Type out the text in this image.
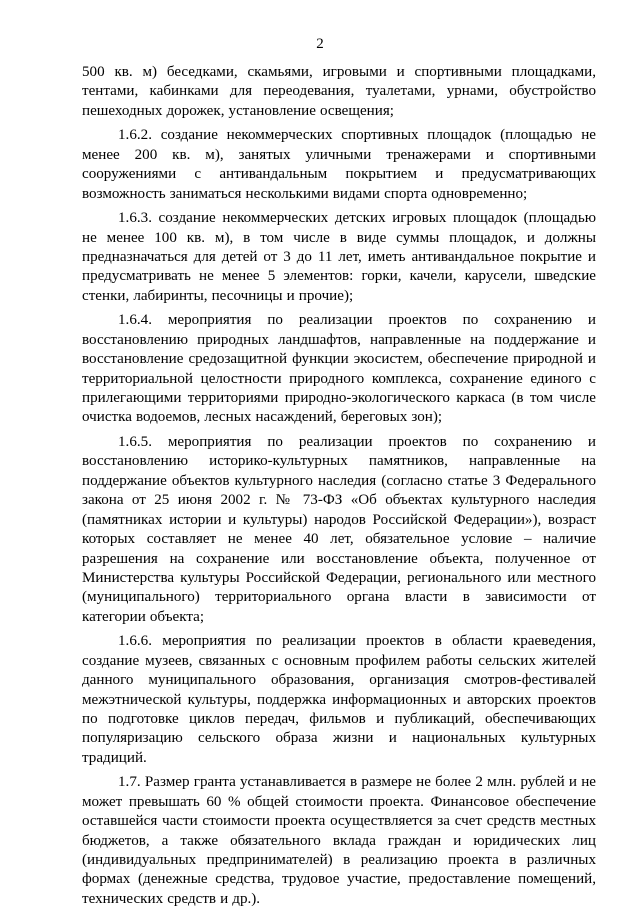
2

500 кв. м) беседками, скамьями, игровыми и спортивными площадками, тентами, кабинками для переодевания, туалетами, урнами, обустройство пешеходных дорожек, установление освещения;

1.6.2. создание некоммерческих спортивных площадок (площадью не менее 200 кв. м), занятых уличными тренажерами и спортивными сооружениями с антивандальным покрытием и предусматривающих возможность заниматься несколькими видами спорта одновременно;

1.6.3. создание некоммерческих детских игровых площадок (площадью не менее 100 кв. м), в том числе в виде суммы площадок, и должны предназначаться для детей от 3 до 11 лет, иметь антивандальное покрытие и предусматривать не менее 5 элементов: горки, качели, карусели, шведские стенки, лабиринты, песочницы и прочие);

1.6.4. мероприятия по реализации проектов по сохранению и восстановлению природных ландшафтов, направленные на поддержание и восстановление средозащитной функции экосистем, обеспечение природной и территориальной целостности природного комплекса, сохранение единого с прилегающими территориями природно-экологического каркаса (в том числе очистка водоемов, лесных насаждений, береговых зон);

1.6.5. мероприятия по реализации проектов по сохранению и восстановлению историко-культурных памятников, направленные на поддержание объектов культурного наследия (согласно статье 3 Федерального закона от 25 июня 2002 г. № 73-ФЗ «Об объектах культурного наследия (памятниках истории и культуры) народов Российской Федерации»), возраст которых составляет не менее 40 лет, обязательное условие – наличие разрешения на сохранение или восстановление объекта, полученное от Министерства культуры Российской Федерации, регионального или местного (муниципального) территориального органа власти в зависимости от категории объекта;

1.6.6. мероприятия по реализации проектов в области краеведения, создание музеев, связанных с основным профилем работы сельских жителей данного муниципального образования, организация смотров-фестивалей межэтнической культуры, поддержка информационных и авторских проектов по подготовке циклов передач, фильмов и публикаций, обеспечивающих популяризацию сельского образа жизни и национальных культурных традиций.

1.7. Размер гранта устанавливается в размере не более 2 млн. рублей и не может превышать 60 % общей стоимости проекта. Финансовое обеспечение оставшейся части стоимости проекта осуществляется за счет средств местных бюджетов, а также обязательного вклада граждан и юридических лиц (индивидуальных предпринимателей) в реализацию проекта в различных формах (денежные средства, трудовое участие, предоставление помещений, технических средств и др.).
